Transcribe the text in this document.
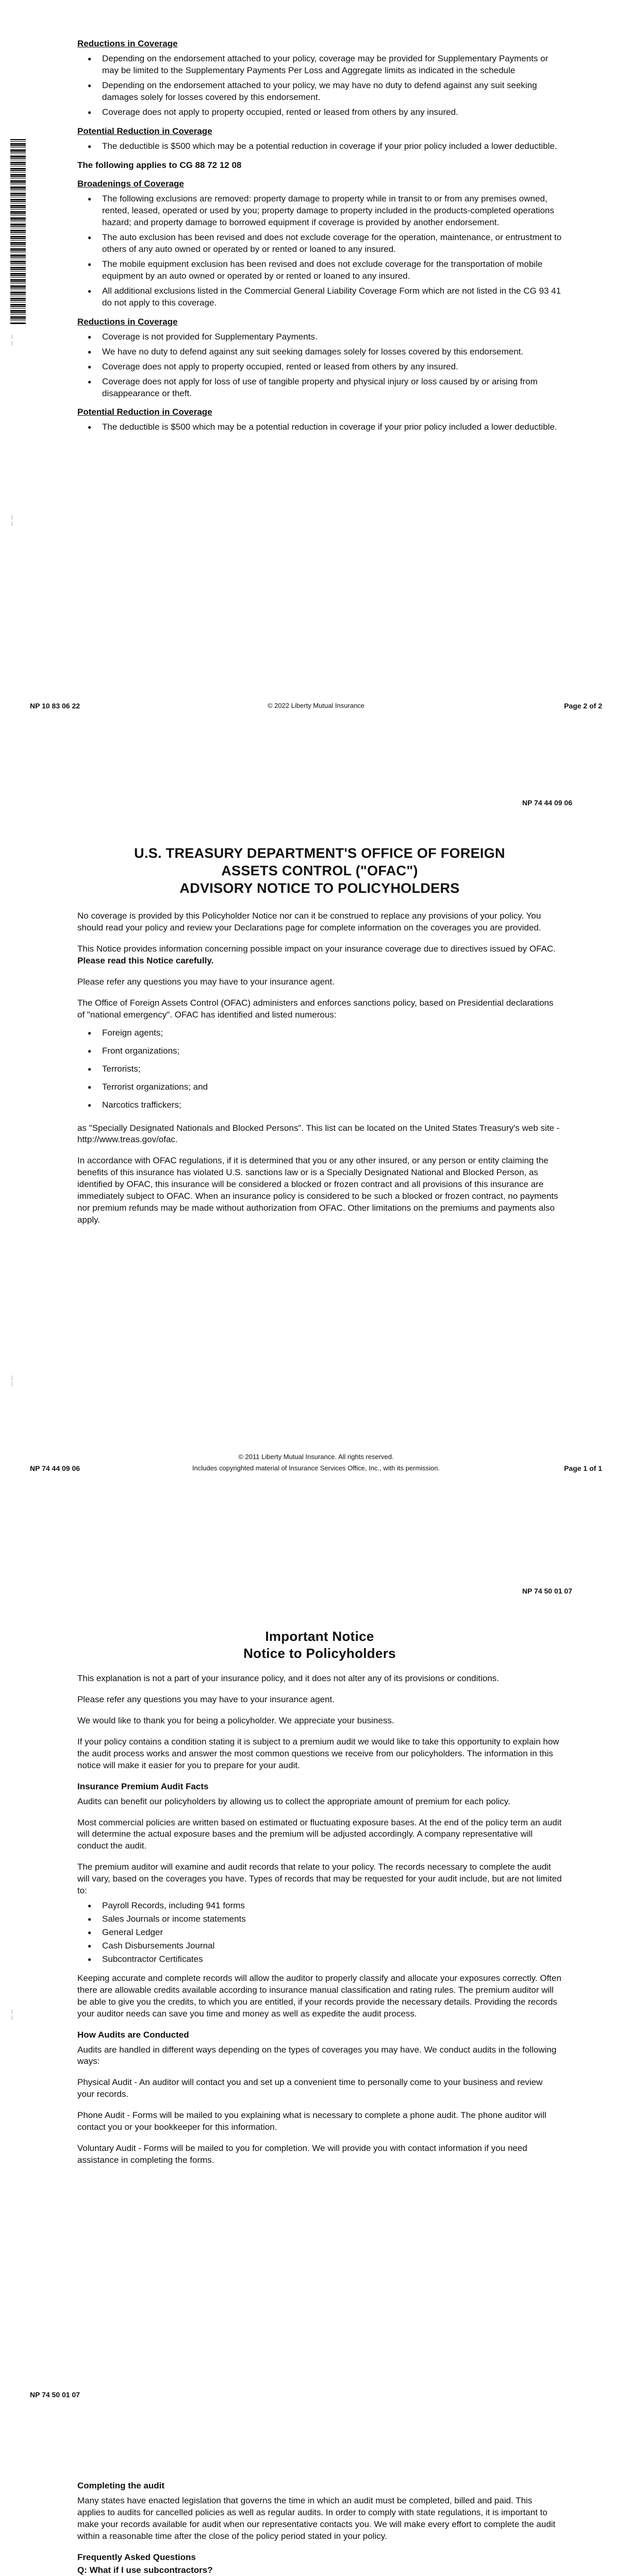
⁞
⁞
⁞
⁞
Reductions in Coverage
● Depending on the endorsement attached to your policy, coverage may be provided for Supplementary Payments or may be limited to the Supplementary Payments Per Loss and Aggregate limits as indicated in the schedule
● Depending on the endorsement attached to your policy, we may have no duty to defend against any suit seeking damages solely for losses covered by this endorsement.
● Coverage does not apply to property occupied, rented or leased from others by any insured.
Potential Reduction in Coverage
● The deductible is $500 which may be a potential reduction in coverage if your prior policy included a lower deductible.
The following applies to CG 88 72 12 08
Broadenings of Coverage
● The following exclusions are removed: property damage to property while in transit to or from any premises owned, rented, leased, operated or used by you; property damage to property included in the products-completed operations hazard; and property damage to borrowed equipment if coverage is provided by another endorsement.
● The auto exclusion has been revised and does not exclude coverage for the operation, maintenance, or entrustment to others of any auto owned or operated by or rented or loaned to any insured.
● The mobile equipment exclusion has been revised and does not exclude coverage for the transportation of mobile equipment by an auto owned or operated by or rented or loaned to any insured.
● All additional exclusions listed in the Commercial General Liability Coverage Form which are not listed in the CG 93 41 do not apply to this coverage.
Reductions in Coverage
● Coverage is not provided for Supplementary Payments.
● We have no duty to defend against any suit seeking damages solely for losses covered by this endorsement.
● Coverage does not apply to property occupied, rented or leased from others by any insured.
● Coverage does not apply for loss of use of tangible property and physical injury or loss caused by or arising from disappearance or theft.
Potential Reduction in Coverage
● The deductible is $500 which may be a potential reduction in coverage if your prior policy included a lower deductible.
NP 10 83 06 22	© 2022 Liberty Mutual Insurance	Page 2 of 2
NP 74 44 09 06
⁞
⁞
U.S. TREASURY DEPARTMENT'S OFFICE OF FOREIGN
ASSETS CONTROL ("OFAC")
ADVISORY NOTICE TO POLICYHOLDERS

No coverage is provided by this Policyholder Notice nor can it be construed to replace any provisions of your policy. You should read your policy and review your Declarations page for complete information on the coverages you are provided.

This Notice provides information concerning possible impact on your insurance coverage due to directives issued by OFAC. Please read this Notice carefully.

Please refer any questions you may have to your insurance agent.

The Office of Foreign Assets Control (OFAC) administers and enforces sanctions policy, based on Presidential declarations of "national emergency". OFAC has identified and listed numerous:

● Foreign agents;
● Front organizations;
● Terrorists;
● Terrorist organizations; and
● Narcotics traffickers;

as "Specially Designated Nationals and Blocked Persons". This list can be located on the United States Treasury's web site - http://www.treas.gov/ofac.

In accordance with OFAC regulations, if it is determined that you or any other insured, or any person or entity claiming the benefits of this insurance has violated U.S. sanctions law or is a Specially Designated National and Blocked Person, as identified by OFAC, this insurance will be considered a blocked or frozen contract and all provisions of this insurance are immediately subject to OFAC. When an insurance policy is considered to be such a blocked or frozen contract, no payments nor premium refunds may be made without authorization from OFAC. Other limitations on the premiums and payments also apply.

© 2011 Liberty Mutual Insurance. All rights reserved.
NP 74 44 09 06	Includes copyrighted material of Insurance Services Office, Inc., with its permission.	Page 1 of 1
NP 74 50 01 07
⁞
⁞
Important Notice
Notice to Policyholders

This explanation is not a part of your insurance policy, and it does not alter any of its provisions or conditions.

Please refer any questions you may have to your insurance agent.

We would like to thank you for being a policyholder. We appreciate your business.

If your policy contains a condition stating it is subject to a premium audit we would like to take this opportunity to explain how the audit process works and answer the most common questions we receive from our policyholders. The information in this notice will make it easier for you to prepare for your audit.

Insurance Premium Audit Facts

Audits can benefit our policyholders by allowing us to collect the appropriate amount of premium for each policy.

Most commercial policies are written based on estimated or fluctuating exposure bases. At the end of the policy term an audit will determine the actual exposure bases and the premium will be adjusted accordingly. A company representative will conduct the audit.

The premium auditor will examine and audit records that relate to your policy. The records necessary to complete the audit will vary, based on the coverages you have. Types of records that may be requested for your audit include, but are not limited to:

● Payroll Records, including 941 forms
● Sales Journals or income statements
● General Ledger
● Cash Disbursements Journal
● Subcontractor Certificates

Keeping accurate and complete records will allow the auditor to properly classify and allocate your exposures correctly. Often there are allowable credits available according to insurance manual classification and rating rules. The premium auditor will be able to give you the credits, to which you are entitled, if your records provide the necessary details. Providing the records your auditor needs can save you time and money as well as expedite the audit process.

How Audits are Conducted

Audits are handled in different ways depending on the types of coverages you may have. We conduct audits in the following ways:

Physical Audit - An auditor will contact you and set up a convenient time to personally come to your business and review your records.

Phone Audit - Forms will be mailed to you explaining what is necessary to complete a phone audit. The phone auditor will contact you or your bookkeeper for this information.

Voluntary Audit - Forms will be mailed to you for completion. We will provide you with contact information if you need assistance in completing the forms.

NP 74 50 01 07
Completing the audit

Many states have enacted legislation that governs the time in which an audit must be completed, billed and paid. This applies to audits for cancelled policies as well as regular audits. In order to comply with state regulations, it is important to make your records available for audit when our representative contacts you. We will make every effort to complete the audit within a reasonable time after the close of the policy period stated in your policy.

Frequently Asked Questions
Q: What if I use subcontractors?
